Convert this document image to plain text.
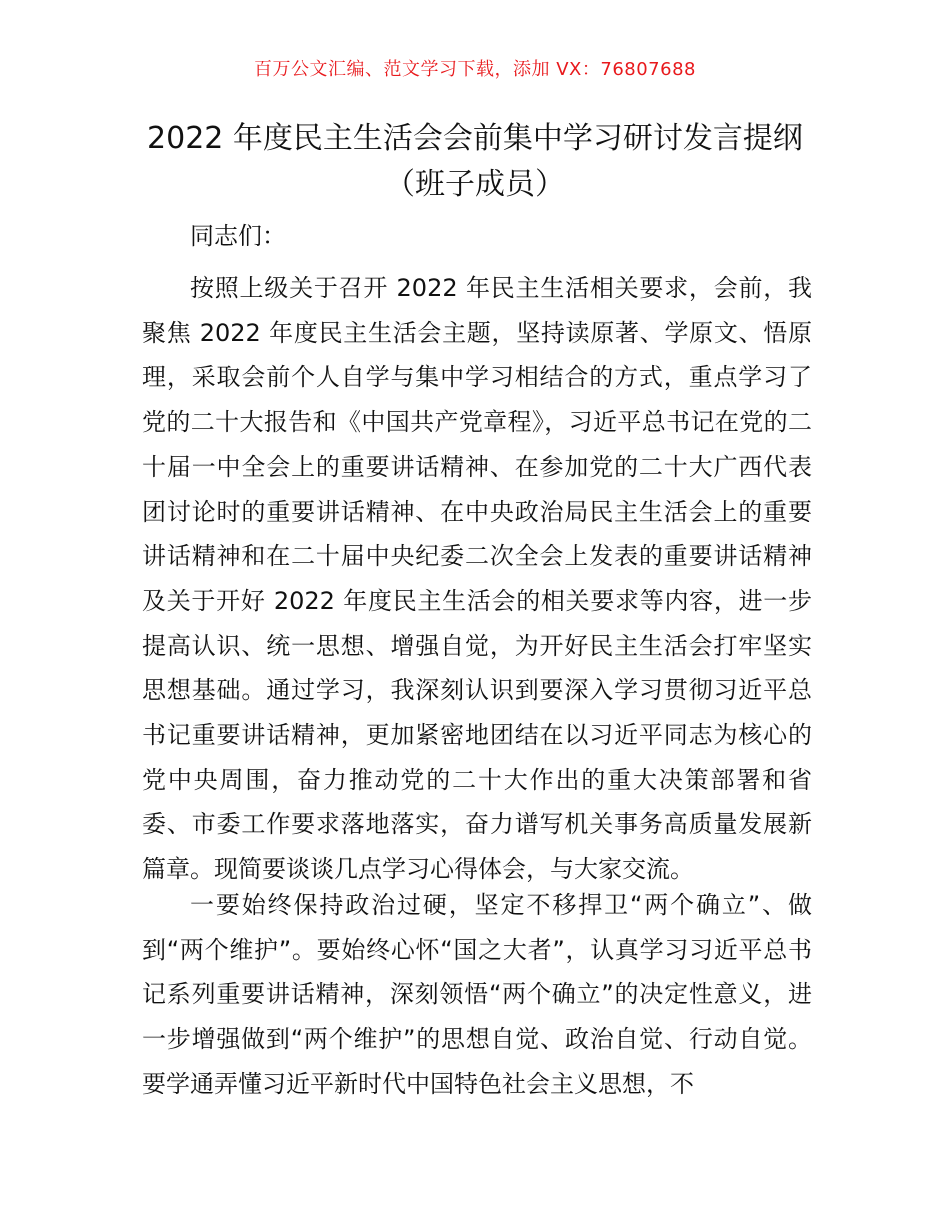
百万公文汇编、范文学习下载，添加 VX：76807688
2022 年度民主生活会会前集中学习研讨发言提纲（班子成员）

同志们：

按照上级关于召开 2022 年民主生活相关要求，会前，我聚焦 2022 年度民主生活会主题，坚持读原著、学原文、悟原理，采取会前个人自学与集中学习相结合的方式，重点学习了党的二十大报告和《中国共产党章程》，习近平总书记在党的二十届一中全会上的重要讲话精神、在参加党的二十大广西代表团讨论时的重要讲话精神、在中央政治局民主生活会上的重要讲话精神和在二十届中央纪委二次全会上发表的重要讲话精神及关于开好 2022 年度民主生活会的相关要求等内容，进一步提高认识、统一思想、增强自觉，为开好民主生活会打牢坚实思想基础。通过学习，我深刻认识到要深入学习贯彻习近平总书记重要讲话精神，更加紧密地团结在以习近平同志为核心的党中央周围，奋力推动党的二十大作出的重大决策部署和省委、市委工作要求落地落实，奋力谱写机关事务高质量发展新篇章。现简要谈谈几点学习心得体会，与大家交流。

一要始终保持政治过硬，坚定不移捍卫“两个确立”、做到“两个维护”。要始终心怀“国之大者”，认真学习习近平总书记系列重要讲话精神，深刻领悟“两个确立”的决定性意义，进一步增强做到“两个维护”的思想自觉、政治自觉、行动自觉。要学通弄懂习近平新时代中国特色社会主义思想，不
